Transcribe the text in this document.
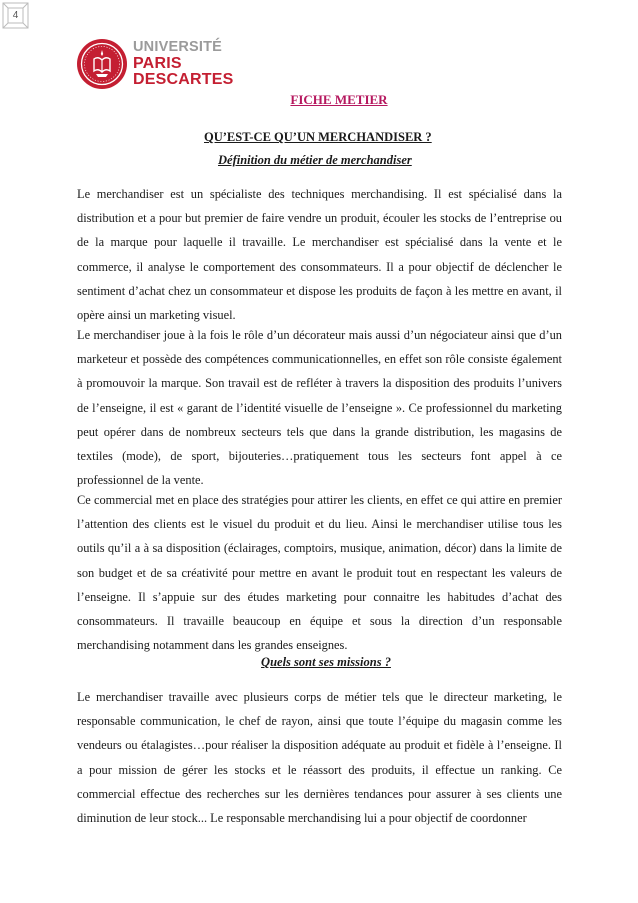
4
UNIVERSITÉ
PARIS
DESCARTES
FICHE METIER
QU’EST-CE QU’UN MERCHANDISER ?
Définition du métier de merchandiser

Le merchandiser est un spécialiste des techniques merchandising. Il est spécialisé dans la distribution et a pour but premier de faire vendre un produit, écouler les stocks de l’entreprise ou de la marque pour laquelle il travaille. Le merchandiser est spécialisé dans la vente et le commerce, il analyse le comportement des consommateurs. Il a pour objectif de déclencher le sentiment d’achat chez un consommateur et dispose les produits de façon à les mettre en avant, il opère ainsi un marketing visuel.

Le merchandiser joue à la fois le rôle d’un décorateur mais aussi d’un négociateur ainsi que d’un marketeur et possède des compétences communicationnelles, en effet son rôle consiste également à promouvoir la marque. Son travail est de refléter à travers la disposition des produits l’univers de l’enseigne, il est « garant de l’identité visuelle de l’enseigne ». Ce professionnel du marketing peut opérer dans de nombreux secteurs tels que dans la grande distribution, les magasins de textiles (mode), de sport, bijouteries…pratiquement tous les secteurs font appel à ce professionnel de la vente.

Ce commercial met en place des stratégies pour attirer les clients, en effet ce qui attire en premier l’attention des clients est le visuel du produit et du lieu. Ainsi le merchandiser utilise tous les outils qu’il a à sa disposition (éclairages, comptoirs, musique, animation, décor) dans la limite de son budget et de sa créativité pour mettre en avant le produit tout en respectant les valeurs de l’enseigne. Il s’appuie sur des études marketing pour connaitre les habitudes d’achat des consommateurs. Il travaille beaucoup en équipe et sous la direction d’un responsable merchandising notamment dans les grandes enseignes.

Quels sont ses missions ?

Le merchandiser travaille avec plusieurs corps de métier tels que le directeur marketing, le responsable communication, le chef de rayon, ainsi que toute l’équipe du magasin comme les vendeurs ou étalagistes…pour réaliser la disposition adéquate au produit et fidèle à l’enseigne. Il a pour mission de gérer les stocks et le réassort des produits, il effectue un ranking. Ce commercial effectue des recherches sur les dernières tendances pour assurer à ses clients une diminution de leur stock... Le responsable merchandising lui a pour objectif de coordonner
